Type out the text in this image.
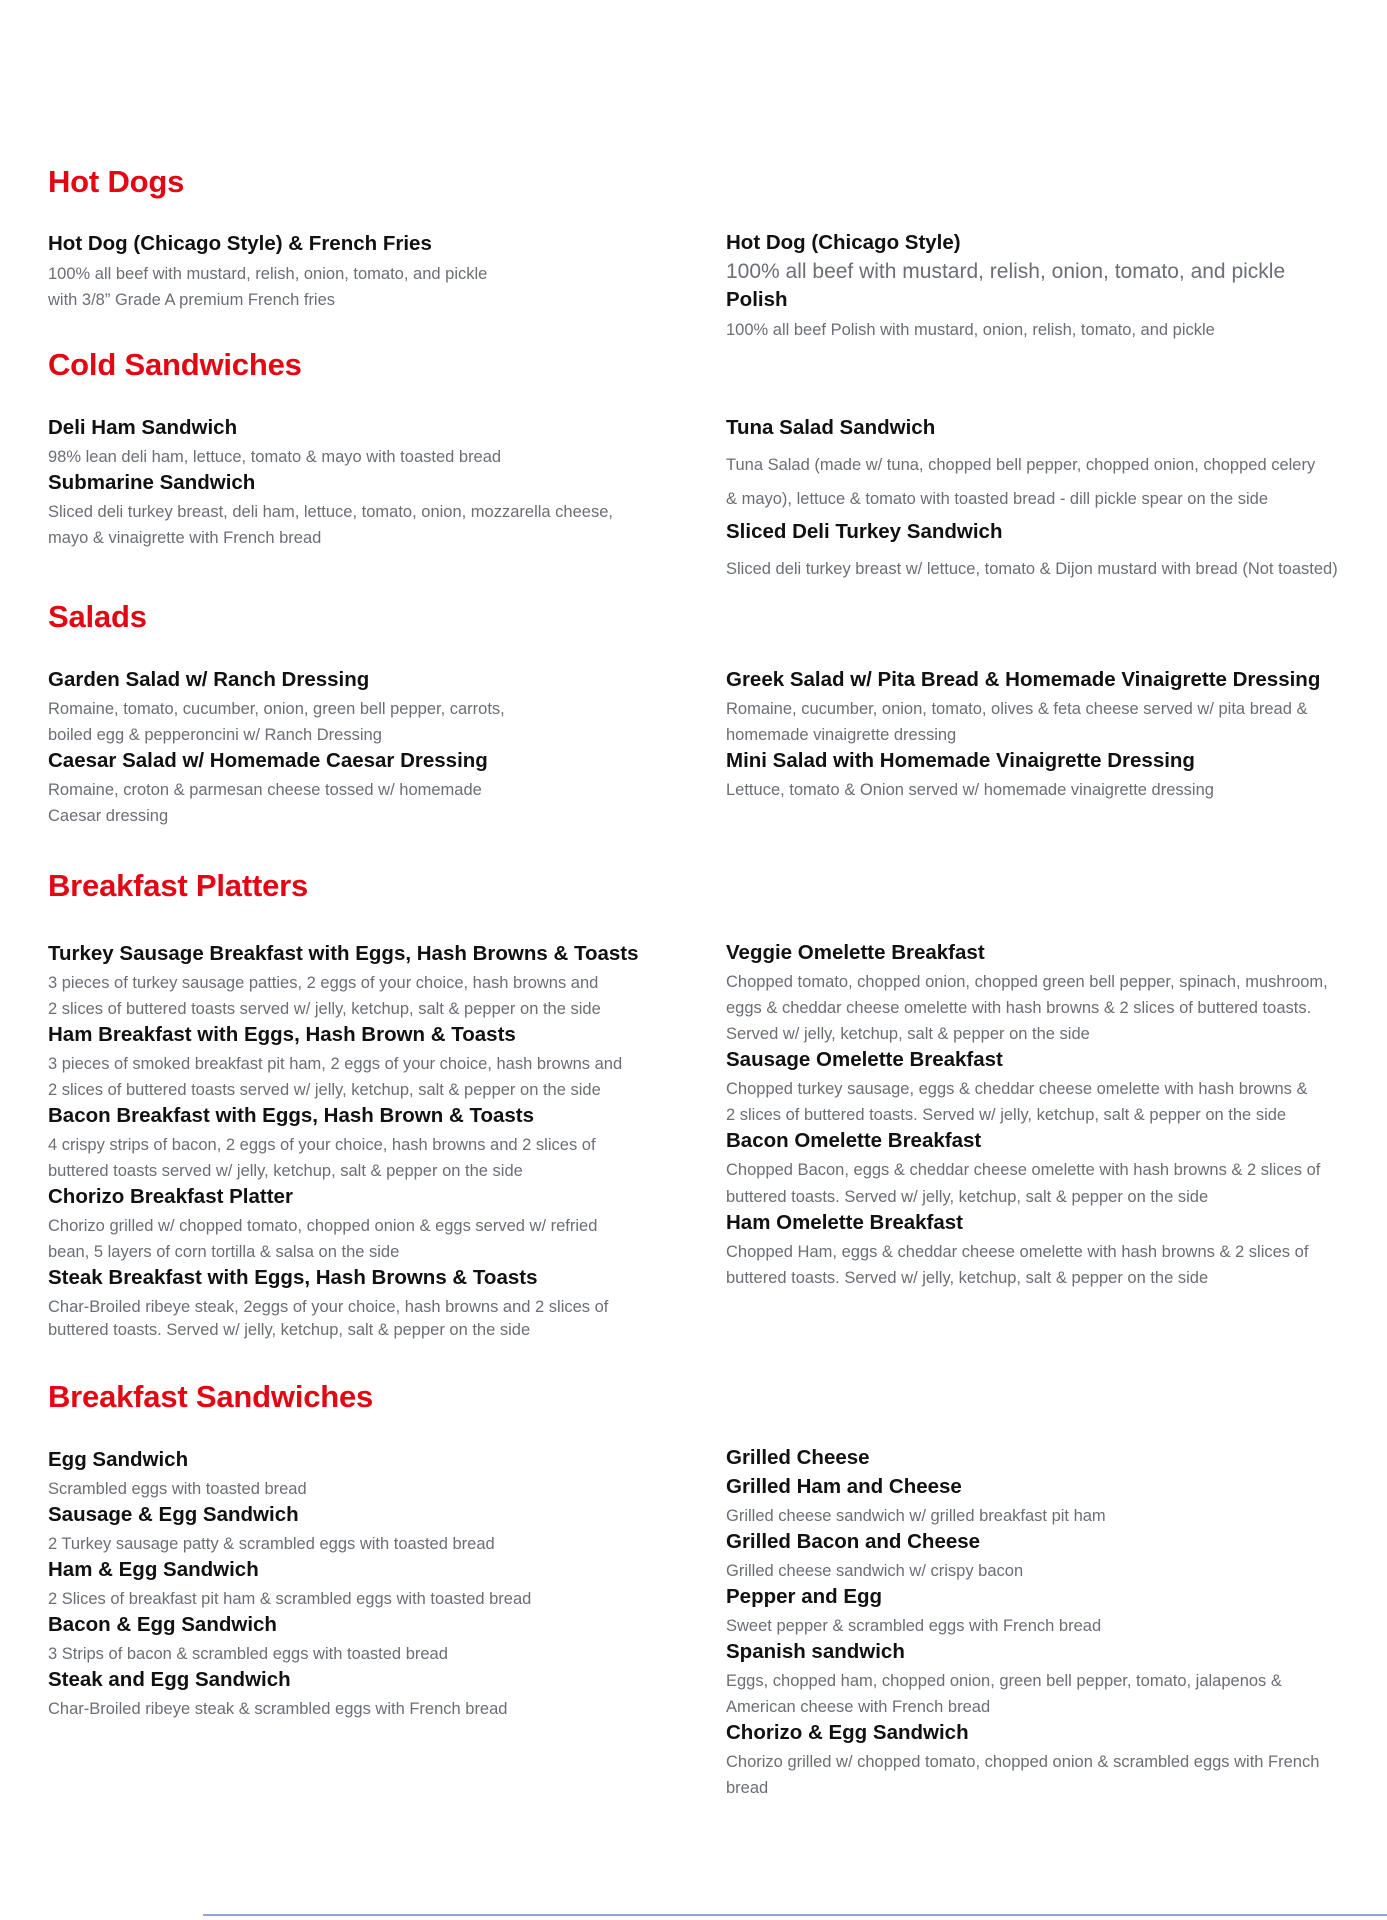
Hot Dogs
Hot Dog (Chicago Style) & French Fries
100% all beef with mustard, relish, onion, tomato, and pickle
with 3/8” Grade A premium French fries
Hot Dog (Chicago Style)
100% all beef with mustard, relish, onion, tomato, and pickle
Polish
100% all beef Polish with mustard, onion, relish, tomato, and pickle
Cold Sandwiches
Deli Ham Sandwich
98% lean deli ham, lettuce, tomato & mayo with toasted bread
Submarine Sandwich
Sliced deli turkey breast, deli ham, lettuce, tomato, onion, mozzarella cheese,
mayo & vinaigrette with French bread
Tuna Salad Sandwich
Tuna Salad (made w/ tuna, chopped bell pepper, chopped onion, chopped celery
& mayo), lettuce & tomato with toasted bread - dill pickle spear on the side
Sliced Deli Turkey Sandwich
Sliced deli turkey breast w/ lettuce, tomato & Dijon mustard with bread (Not toasted)
Salads
Garden Salad w/ Ranch Dressing
Romaine, tomato, cucumber, onion, green bell pepper, carrots,
boiled egg & pepperoncini w/ Ranch Dressing
Caesar Salad w/ Homemade Caesar Dressing
Romaine, croton & parmesan cheese tossed w/ homemade
Caesar dressing
Greek Salad w/ Pita Bread & Homemade Vinaigrette Dressing
Romaine, cucumber, onion, tomato, olives & feta cheese served w/ pita bread &
homemade vinaigrette dressing
Mini Salad with Homemade Vinaigrette Dressing
Lettuce, tomato & Onion served w/ homemade vinaigrette dressing
Breakfast Platters
Turkey Sausage Breakfast with Eggs, Hash Browns & Toasts
3 pieces of turkey sausage patties, 2 eggs of your choice, hash browns and
2 slices of buttered toasts served w/ jelly, ketchup, salt & pepper on the side
Ham Breakfast with Eggs, Hash Brown & Toasts
3 pieces of smoked breakfast pit ham, 2 eggs of your choice, hash browns and
2 slices of buttered toasts served w/ jelly, ketchup, salt & pepper on the side
Bacon Breakfast with Eggs, Hash Brown & Toasts
4 crispy strips of bacon, 2 eggs of your choice, hash browns and 2 slices of
buttered toasts served w/ jelly, ketchup, salt & pepper on the side
Chorizo Breakfast Platter
Chorizo grilled w/ chopped tomato, chopped onion & eggs served w/ refried
bean, 5 layers of corn tortilla & salsa on the side
Steak Breakfast with Eggs, Hash Browns & Toasts
Char-Broiled ribeye steak, 2eggs of your choice, hash browns and 2 slices of
buttered toasts. Served w/ jelly, ketchup, salt & pepper on the side
Veggie Omelette Breakfast
Chopped tomato, chopped onion, chopped green bell pepper, spinach, mushroom,
eggs & cheddar cheese omelette with hash browns & 2 slices of buttered toasts.
Served w/ jelly, ketchup, salt & pepper on the side
Sausage Omelette Breakfast
Chopped turkey sausage, eggs & cheddar cheese omelette with hash browns &
2 slices of buttered toasts. Served w/ jelly, ketchup, salt & pepper on the side
Bacon Omelette Breakfast
Chopped Bacon, eggs & cheddar cheese omelette with hash browns & 2 slices of
buttered toasts. Served w/ jelly, ketchup, salt & pepper on the side
Ham Omelette Breakfast
Chopped Ham, eggs & cheddar cheese omelette with hash browns & 2 slices of
buttered toasts. Served w/ jelly, ketchup, salt & pepper on the side
Breakfast Sandwiches
Egg Sandwich
Scrambled eggs with toasted bread
Sausage & Egg Sandwich
2 Turkey sausage patty & scrambled eggs with toasted bread
Ham & Egg Sandwich
2 Slices of breakfast pit ham & scrambled eggs with toasted bread
Bacon & Egg Sandwich
3 Strips of bacon & scrambled eggs with toasted bread
Steak and Egg Sandwich
Char-Broiled ribeye steak & scrambled eggs with French bread
Grilled Cheese
Grilled Ham and Cheese
Grilled cheese sandwich w/ grilled breakfast pit ham
Grilled Bacon and Cheese
Grilled cheese sandwich w/ crispy bacon
Pepper and Egg
Sweet pepper & scrambled eggs with French bread
Spanish sandwich
Eggs, chopped ham, chopped onion, green bell pepper, tomato, jalapenos &
American cheese with French bread
Chorizo & Egg Sandwich
Chorizo grilled w/ chopped tomato, chopped onion & scrambled eggs with French
bread
